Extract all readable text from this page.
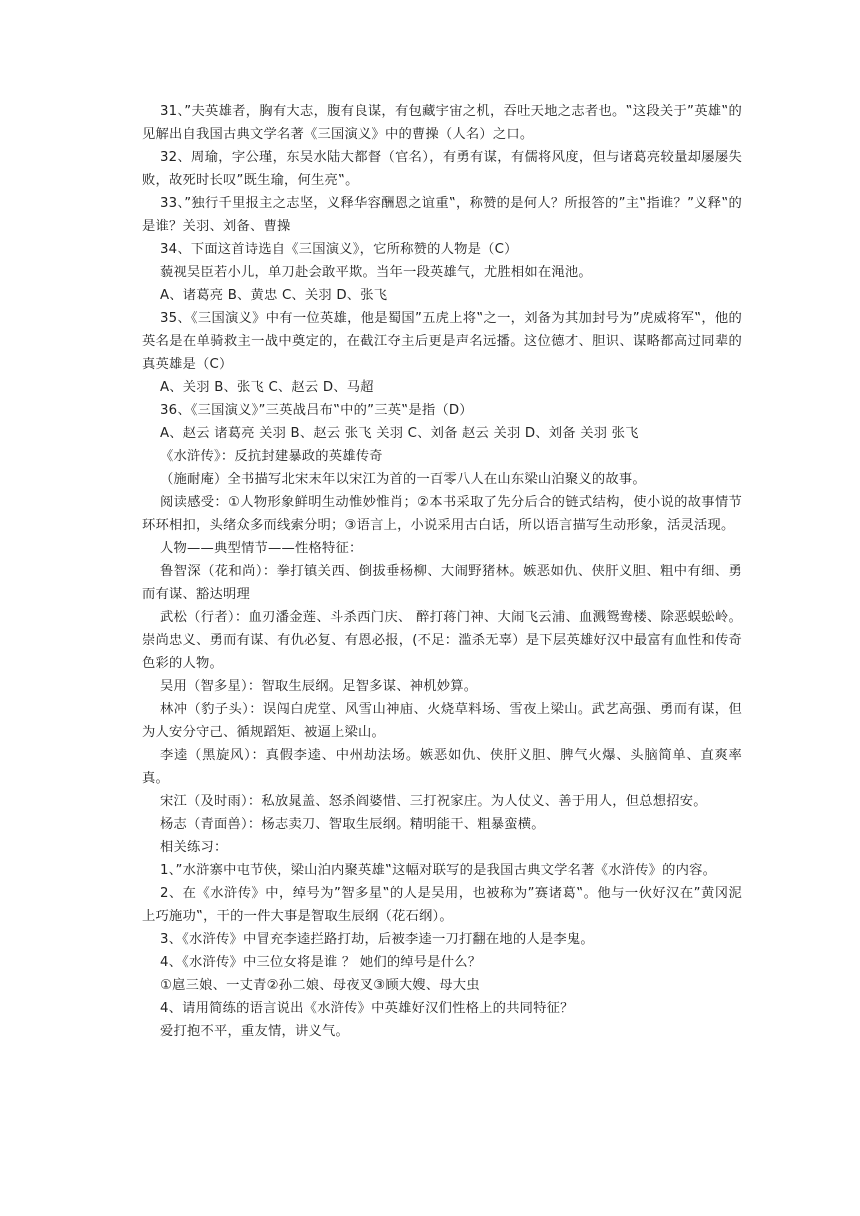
31、”夫英雄者，胸有大志，腹有良谋，有包藏宇宙之机，吞吐天地之志者也。‟这段关于”英雄‟的见解出自我国古典文学名著《三国演义》中的曹操（人名）之口。

32、周瑜，字公瑾，东吴水陆大都督（官名），有勇有谋，有儒将风度，但与诸葛亮较量却屡屡失败，故死时长叹”既生瑜，何生亮‟。

33、”独行千里报主之志坚，义释华容酬恩之谊重‟，称赞的是何人？所报答的”主‟指谁？”义释‟的是谁？关羽、刘备、曹操

34、下面这首诗选自《三国演义》，它所称赞的人物是（C）

藐视吴臣若小儿，单刀赴会敢平欺。当年一段英雄气，尤胜相如在渑池。

A、诸葛亮 B、黄忠 C、关羽 D、张飞

35、《三国演义》中有一位英雄，他是蜀国”五虎上将‟之一，刘备为其加封号为”虎威将军‟，他的英名是在单骑救主一战中奠定的，在截江夺主后更是声名远播。这位德才、胆识、谋略都高过同辈的真英雄是（C）

A、关羽 B、张飞 C、赵云 D、马超

36、《三国演义》”三英战吕布‟中的”三英‟是指（D）

A、赵云 诸葛亮 关羽 B、赵云 张飞 关羽 C、刘备 赵云 关羽 D、刘备 关羽 张飞

《水浒传》：反抗封建暴政的英雄传奇

（施耐庵）全书描写北宋末年以宋江为首的一百零八人在山东梁山泊聚义的故事。

阅读感受：①人物形象鲜明生动惟妙惟肖；②本书采取了先分后合的链式结构，使小说的故事情节环环相扣，头绪众多而线索分明；③语言上，小说采用古白话，所以语言描写生动形象，活灵活现。

人物——典型情节——性格特征：

鲁智深（花和尚）：拳打镇关西、倒拔垂杨柳、大闹野猪林。嫉恶如仇、侠肝义胆、粗中有细、勇而有谋、豁达明理

武松（行者）：血刃潘金莲、斗杀西门庆、 醉打蒋门神、大闹飞云浦、血溅鸳鸯楼、除恶蜈蚣岭。崇尚忠义、勇而有谋、有仇必复、有恩必报，(不足：滥杀无辜）是下层英雄好汉中最富有血性和传奇色彩的人物。

吴用（智多星）：智取生辰纲。足智多谋、神机妙算。

林冲（豹子头）：误闯白虎堂、风雪山神庙、火烧草料场、雪夜上梁山。武艺高强、勇而有谋，但为人安分守己、循规蹈矩、被逼上梁山。

李逵（黑旋风）：真假李逵、中州劫法场。嫉恶如仇、侠肝义胆、脾气火爆、头脑简单、直爽率真。

宋江（及时雨）：私放晁盖、怒杀阎婆惜、三打祝家庄。为人仗义、善于用人，但总想招安。

杨志（青面兽）：杨志卖刀、智取生辰纲。精明能干、粗暴蛮横。

相关练习：

1、”水浒寨中屯节侠，梁山泊内聚英雄‟这幅对联写的是我国古典文学名著《水浒传》的内容。

2、在《水浒传》中，绰号为”智多星‟的人是吴用，也被称为”赛诸葛‟。他与一伙好汉在”黄冈泥上巧施功‟，干的一件大事是智取生辰纲（花石纲）。

3、《水浒传》中冒充李逵拦路打劫，后被李逵一刀打翻在地的人是李鬼。

4、《水浒传》中三位女将是谁 ？ 她们的绰号是什么？

①扈三娘、一丈青②孙二娘、母夜叉③顾大嫂、母大虫

4、请用简练的语言说出《水浒传》中英雄好汉们性格上的共同特征？

爱打抱不平，重友情，讲义气。
